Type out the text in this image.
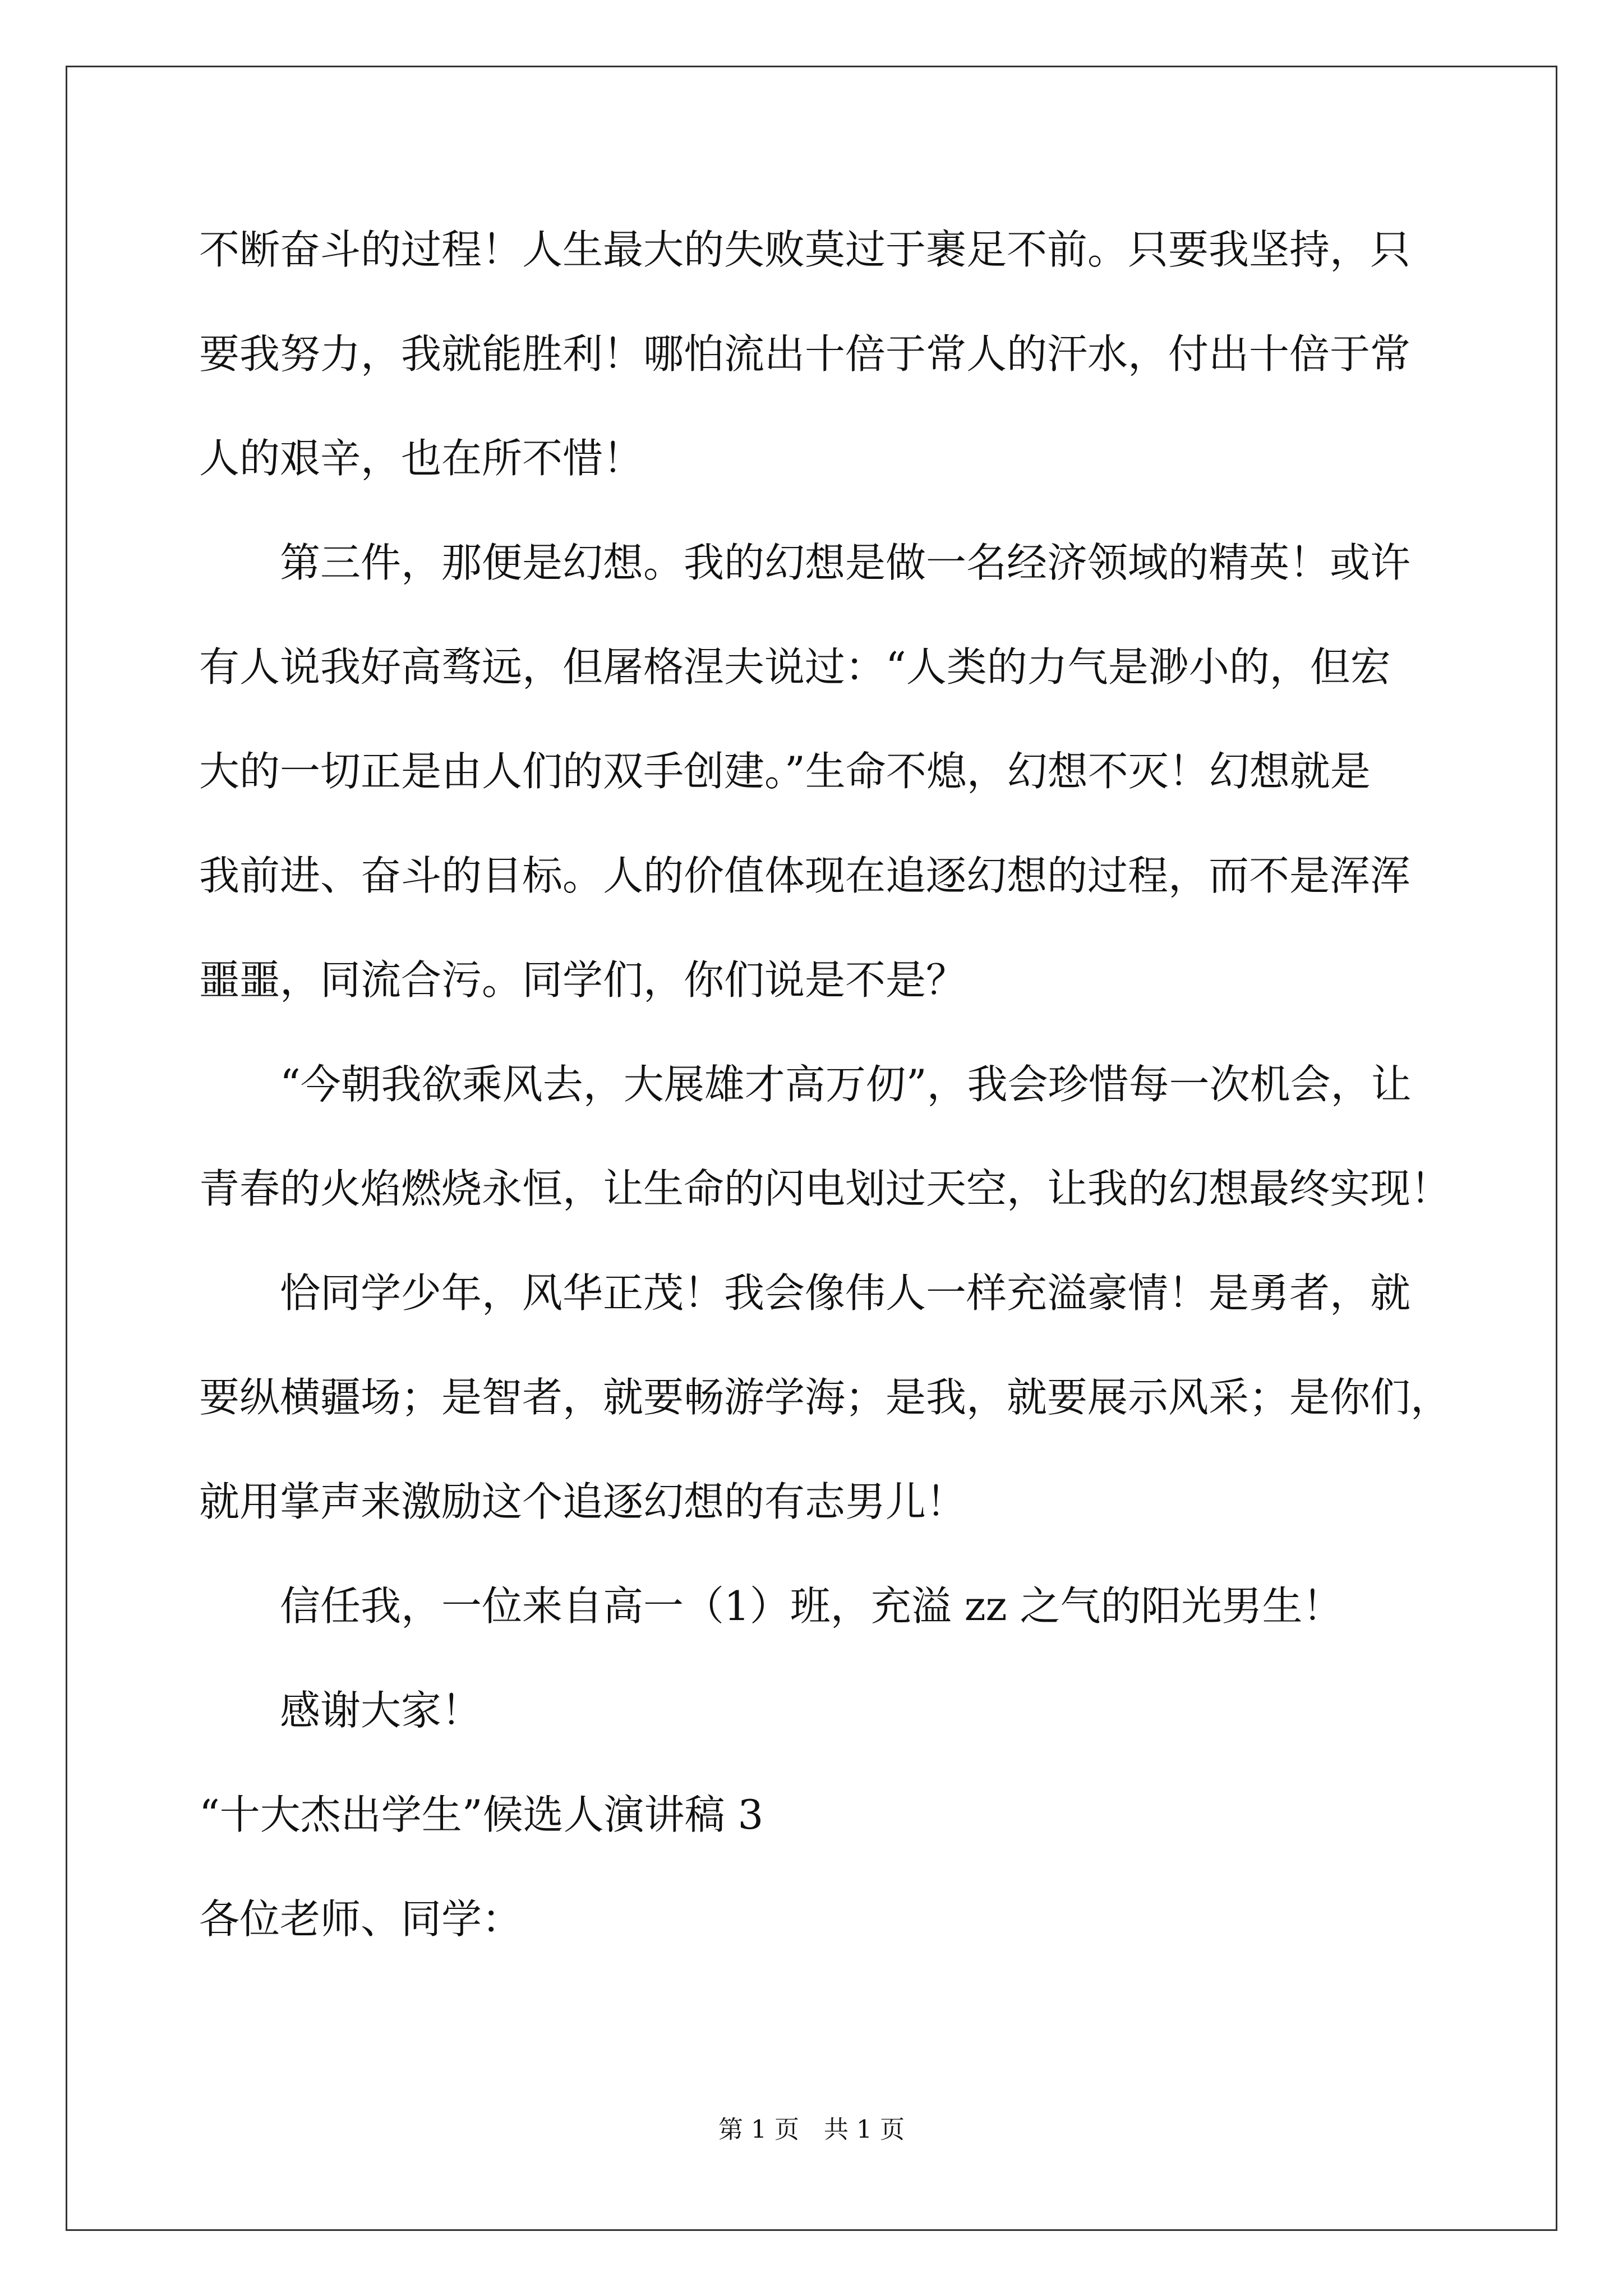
不断奋斗的过程！人生最大的失败莫过于裹足不前。只要我坚持，只

要我努力，我就能胜利！哪怕流出十倍于常人的汗水，付出十倍于常

人的艰辛，也在所不惜！

　　第三件，那便是幻想。我的幻想是做一名经济领域的精英！或许

有人说我好高骛远，但屠格涅夫说过：“人类的力气是渺小的，但宏

大的一切正是由人们的双手创建。”生命不熄，幻想不灭！幻想就是

我前进、奋斗的目标。人的价值体现在追逐幻想的过程，而不是浑浑

噩噩，同流合污。同学们，你们说是不是？

　　“今朝我欲乘风去，大展雄才高万仞”，我会珍惜每一次机会，让

青春的火焰燃烧永恒，让生命的闪电划过天空，让我的幻想最终实现！

　　恰同学少年，风华正茂！我会像伟人一样充溢豪情！是勇者，就

要纵横疆场；是智者，就要畅游学海；是我，就要展示风采；是你们，

就用掌声来激励这个追逐幻想的有志男儿！

　　信任我，一位来自高一（1）班，充溢 zz 之气的阳光男生！

　　感谢大家！

“十大杰出学生”候选人演讲稿 3

各位老师、同学：

第 1 页 共 1 页
